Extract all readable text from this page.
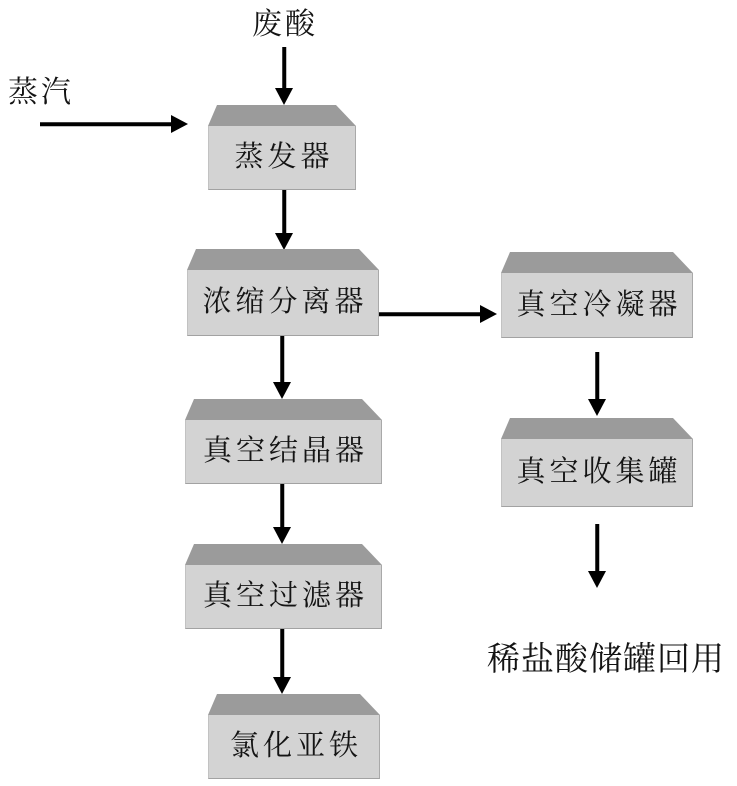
废酸
蒸汽
蒸发器
浓缩分离器
真空结晶器
真空过滤器
氯化亚铁
真空冷凝器
真空收集罐
稀盐酸储罐回用
